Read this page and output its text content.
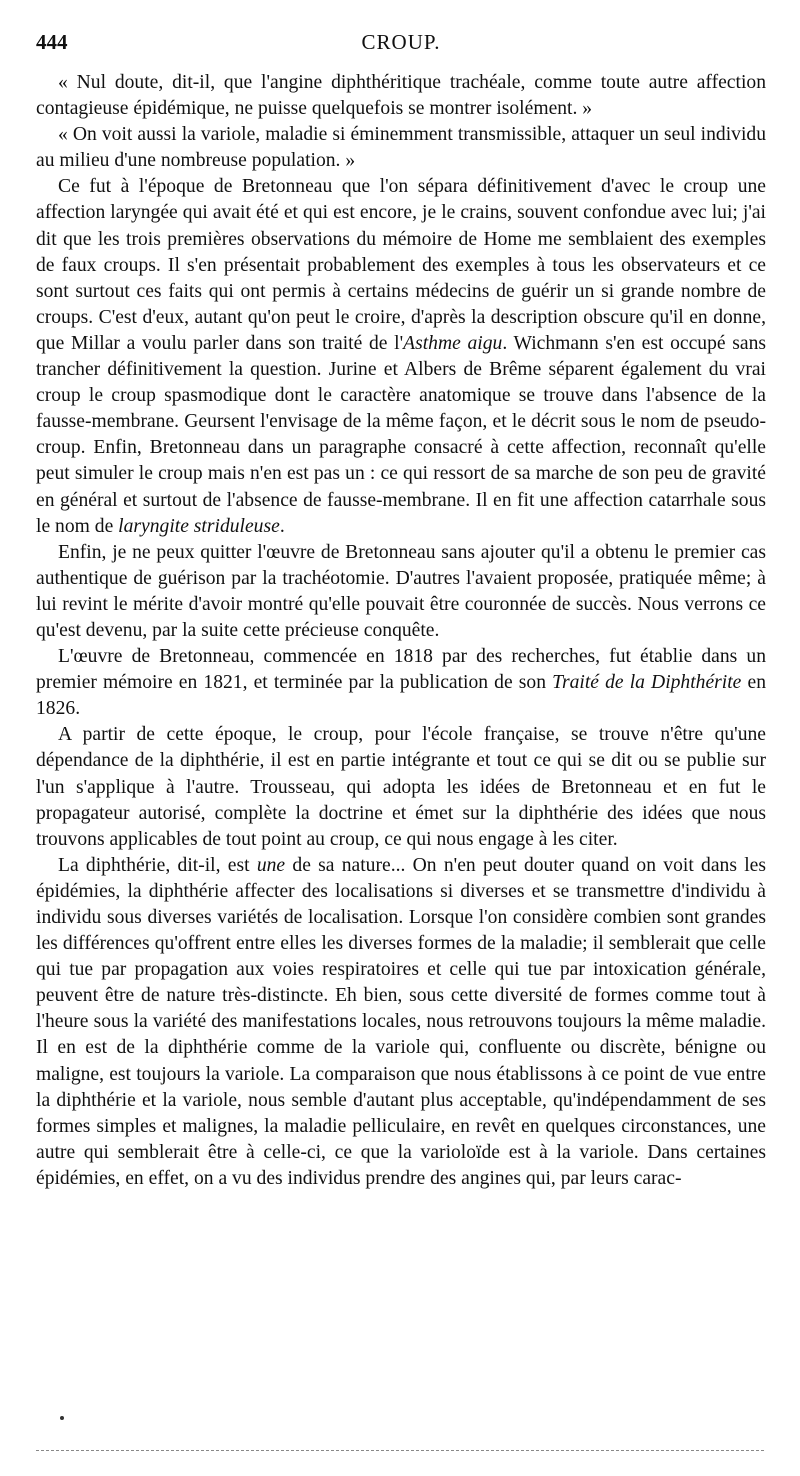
444	CROUP.

« Nul doute, dit-il, que l'angine diphthéritique trachéale, comme toute autre affection contagieuse épidémique, ne puisse quelquefois se montrer isolément. »

« On voit aussi la variole, maladie si éminemment transmissible, attaquer un seul individu au milieu d'une nombreuse population. »

Ce fut à l'époque de Bretonneau que l'on sépara définitivement d'avec le croup une affection laryngée qui avait été et qui est encore, je le crains, souvent confondue avec lui; j'ai dit que les trois premières observations du mémoire de Home me semblaient des exemples de faux croups. Il s'en présentait probablement des exemples à tous les observateurs et ce sont surtout ces faits qui ont permis à certains médecins de guérir un si grande nombre de croups. C'est d'eux, autant qu'on peut le croire, d'après la description obscure qu'il en donne, que Millar a voulu parler dans son traité de l'Asthme aigu. Wichmann s'en est occupé sans trancher définitivement la question. Jurine et Albers de Brême séparent également du vrai croup le croup spasmodique dont le caractère anatomique se trouve dans l'absence de la fausse-membrane. Geursent l'envisage de la même façon, et le décrit sous le nom de pseudo-croup. Enfin, Bretonneau dans un paragraphe consacré à cette affection, reconnaît qu'elle peut simuler le croup mais n'en est pas un : ce qui ressort de sa marche de son peu de gravité en général et surtout de l'absence de fausse-membrane. Il en fit une affection catarrhale sous le nom de laryngite striduleuse.

Enfin, je ne peux quitter l'œuvre de Bretonneau sans ajouter qu'il a obtenu le premier cas authentique de guérison par la trachéotomie. D'autres l'avaient proposée, pratiquée même; à lui revint le mérite d'avoir montré qu'elle pouvait être couronnée de succès. Nous verrons ce qu'est devenu, par la suite cette précieuse conquête.

L'œuvre de Bretonneau, commencée en 1818 par des recherches, fut établie dans un premier mémoire en 1821, et terminée par la publication de son Traité de la Diphthérite en 1826.

A partir de cette époque, le croup, pour l'école française, se trouve n'être qu'une dépendance de la diphthérie, il est en partie intégrante et tout ce qui se dit ou se publie sur l'un s'applique à l'autre. Trousseau, qui adopta les idées de Bretonneau et en fut le propagateur autorisé, complète la doctrine et émet sur la diphthérie des idées que nous trouvons applicables de tout point au croup, ce qui nous engage à les citer.

La diphthérie, dit-il, est une de sa nature... On n'en peut douter quand on voit dans les épidémies, la diphthérie affecter des localisations si diverses et se transmettre d'individu à individu sous diverses variétés de localisation. Lorsque l'on considère combien sont grandes les différences qu'offrent entre elles les diverses formes de la maladie; il semblerait que celle qui tue par propagation aux voies respiratoires et celle qui tue par intoxication générale, peuvent être de nature très-distincte. Eh bien, sous cette diversité de formes comme tout à l'heure sous la variété des manifestations locales, nous retrouvons toujours la même maladie. Il en est de la diphthérie comme de la variole qui, confluente ou discrète, bénigne ou maligne, est toujours la variole. La comparaison que nous établissons à ce point de vue entre la diphthérie et la variole, nous semble d'autant plus acceptable, qu'indépendamment de ses formes simples et malignes, la maladie pelliculaire, en revêt en quelques circonstances, une autre qui semblerait être à celle-ci, ce que la varioloïde est à la variole. Dans certaines épidémies, en effet, on a vu des individus prendre des angines qui, par leurs carac-
